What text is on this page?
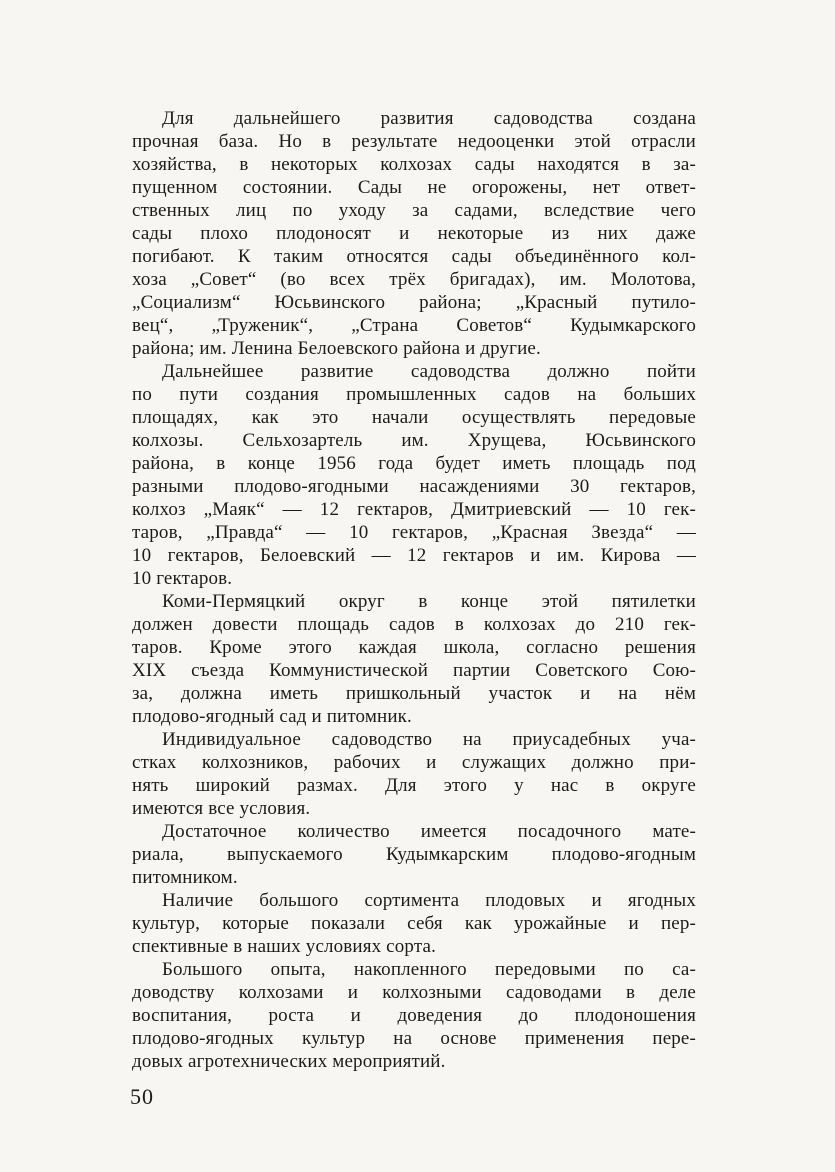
Для дальнейшего развития садоводства создана
прочная база. Но в результате недооценки этой отрасли
хозяйства, в некоторых колхозах сады находятся в за-
пущенном состоянии. Сады не огорожены, нет ответ-
ственных лиц по уходу за садами, вследствие чего
сады плохо плодоносят и некоторые из них даже
погибают. К таким относятся сады объединённого кол-
хоза „Совет“ (во всех трёх бригадах), им. Молотова,
„Социализм“ Юсьвинского района; „Красный путило-
вец“, „Труженик“, „Страна Советов“ Кудымкарского
района; им. Ленина Белоевского района и другие.
Дальнейшее развитие садоводства должно пойти
по пути создания промышленных садов на больших
площадях, как это начали осуществлять передовые
колхозы. Сельхозартель им. Хрущева, Юсьвинского
района, в конце 1956 года будет иметь площадь под
разными плодово-ягодными насаждениями 30 гектаров,
колхоз „Маяк“ — 12 гектаров, Дмитриевский — 10 гек-
таров, „Правда“ — 10 гектаров, „Красная Звезда“ —
10 гектаров, Белоевский — 12 гектаров и им. Кирова —
10 гектаров.
Коми-Пермяцкий округ в конце этой пятилетки
должен довести площадь садов в колхозах до 210 гек-
таров. Кроме этого каждая школа, согласно решения
XIX съезда Коммунистической партии Советского Сою-
за, должна иметь пришкольный участок и на нём
плодово-ягодный сад и питомник.
Индивидуальное садоводство на приусадебных уча-
стках колхозников, рабочих и служащих должно при-
нять широкий размах. Для этого у нас в округе
имеются все условия.
Достаточное количество имеется посадочного мате-
риала, выпускаемого Кудымкарским плодово-ягодным
питомником.
Наличие большого сортимента плодовых и ягодных
культур, которые показали себя как урожайные и пер-
спективные в наших условиях сорта.
Большого опыта, накопленного передовыми по са-
доводству колхозами и колхозными садоводами в деле
воспитания, роста и доведения до плодоношения
плодово-ягодных культур на основе применения пере-
довых агротехнических мероприятий.
50
